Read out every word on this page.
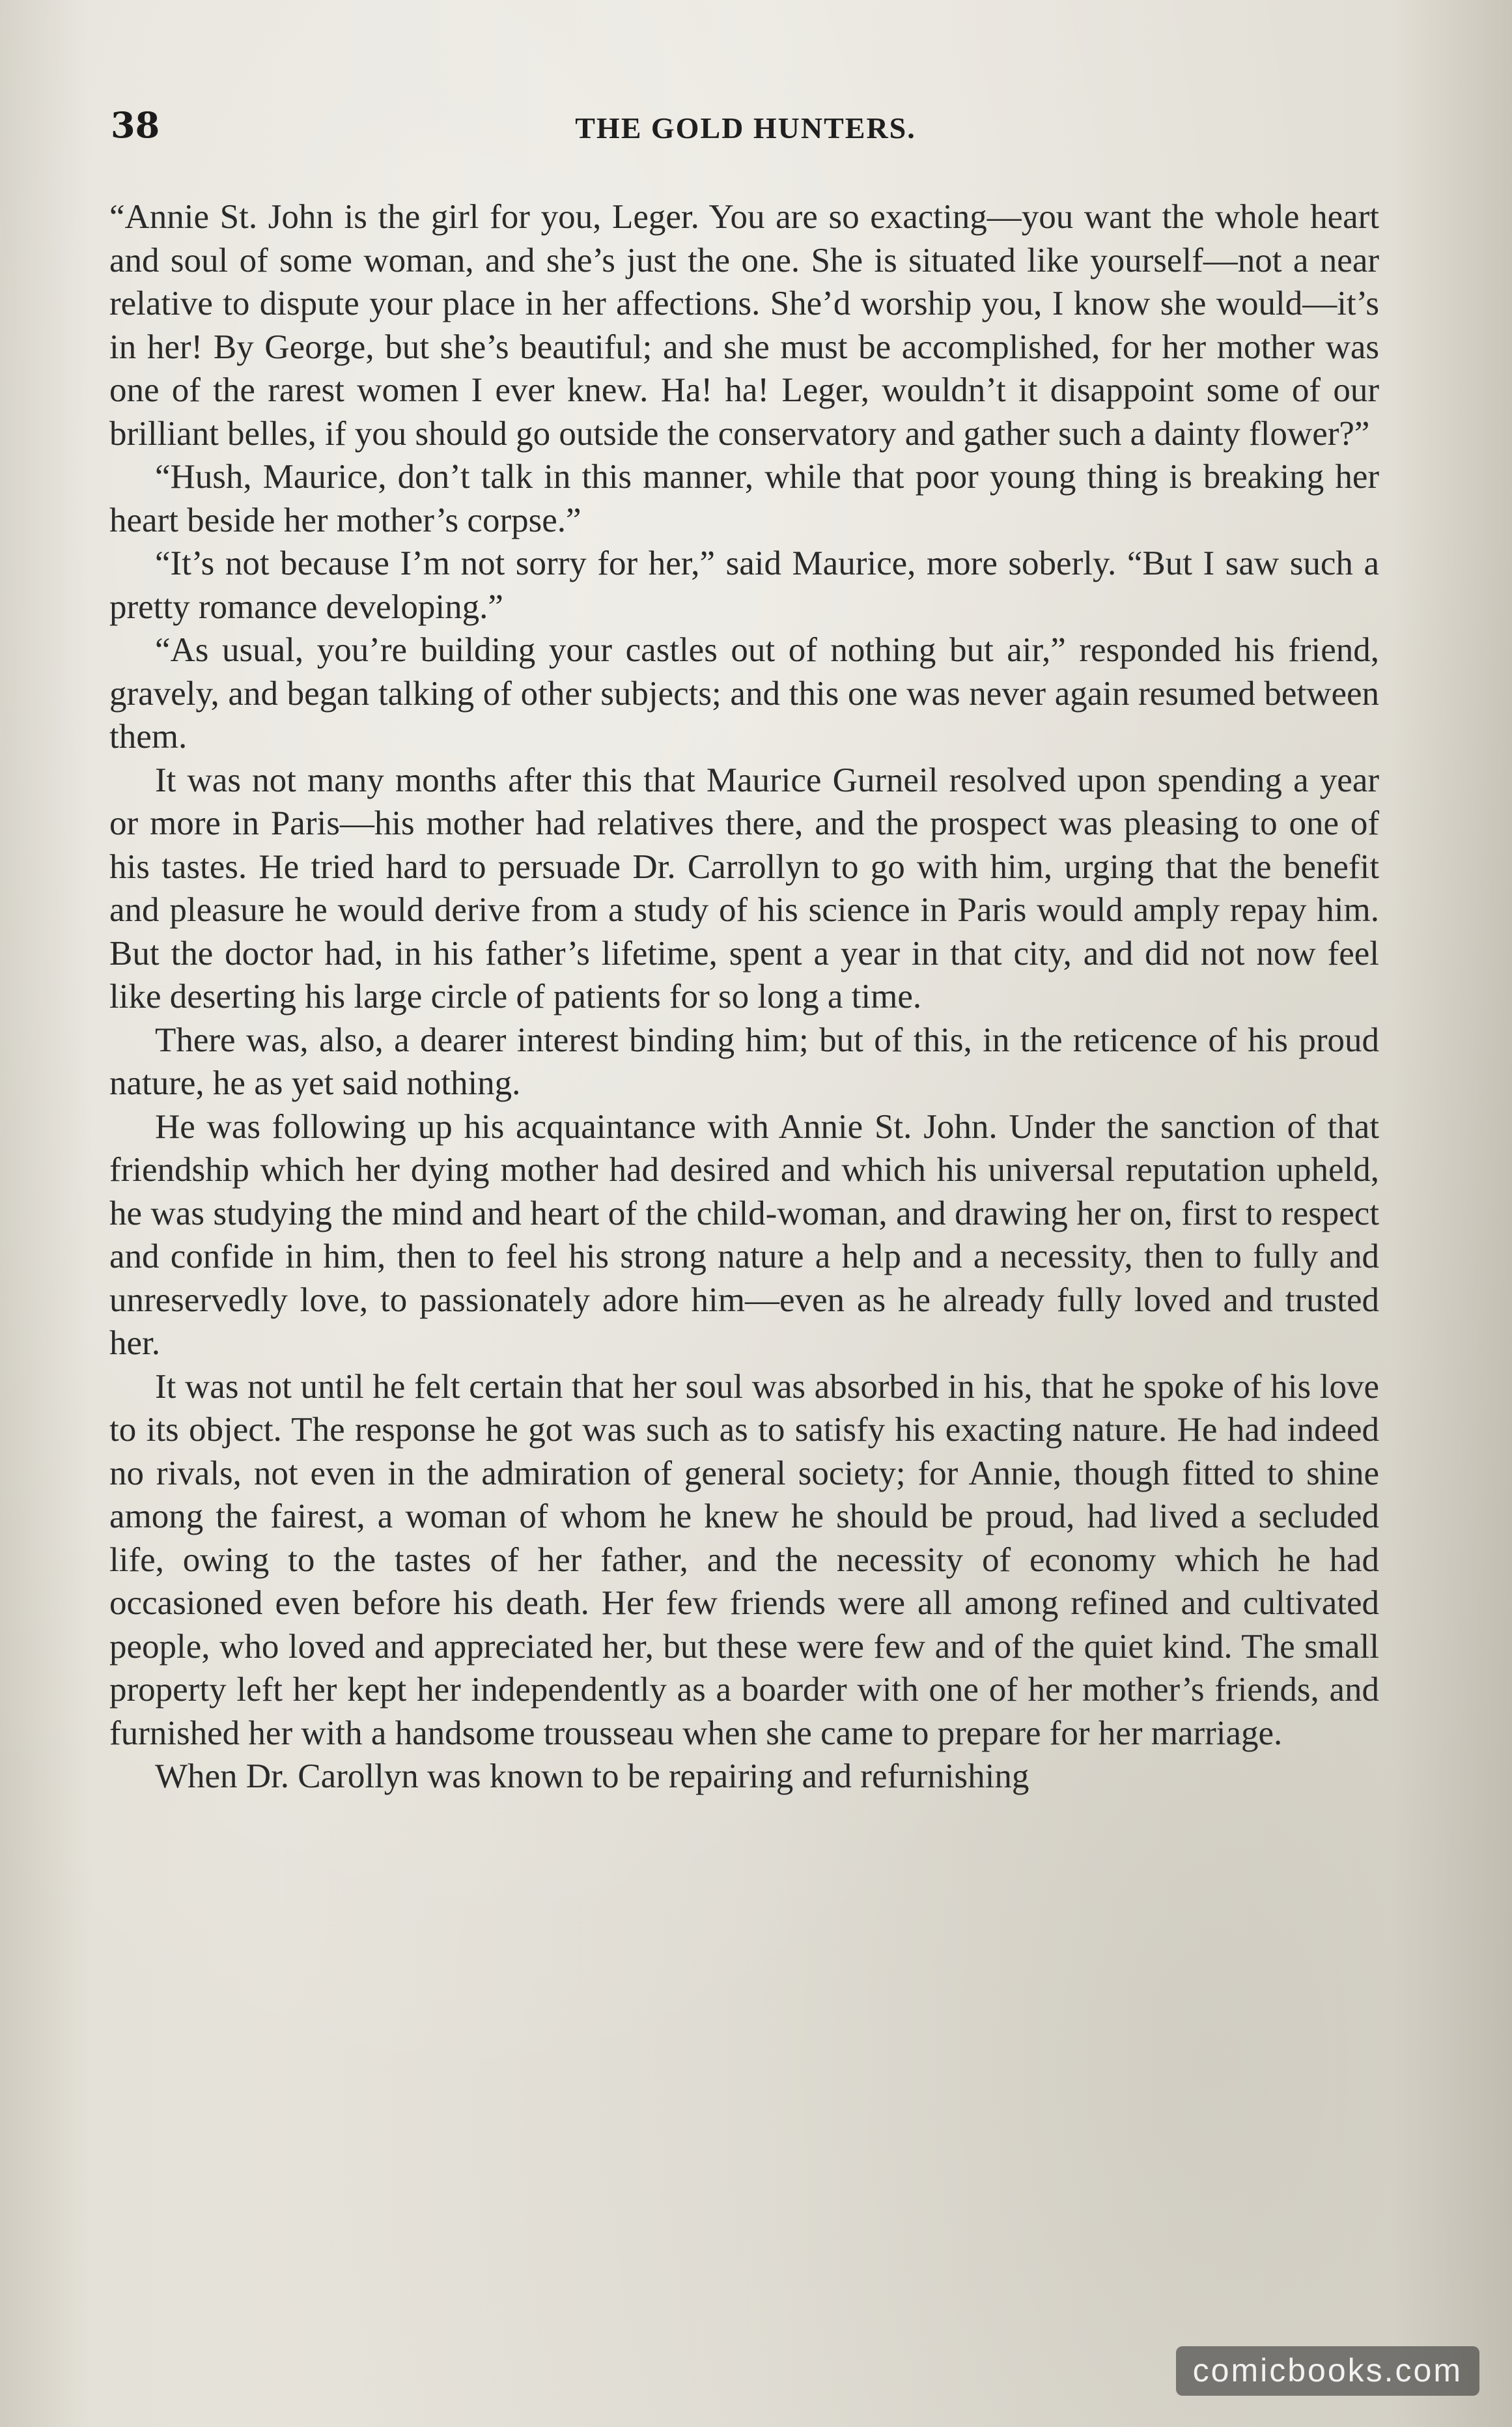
38	THE GOLD HUNTERS.

“Annie St. John is the girl for you, Leger. You are so exacting—you want the whole heart and soul of some woman, and she’s just the one. She is situated like yourself—not a near relative to dispute your place in her affections. She’d worship you, I know she would—it’s in her! By George, but she’s beautiful; and she must be accomplished, for her mother was one of the rarest women I ever knew. Ha! ha! Leger, wouldn’t it disappoint some of our brilliant belles, if you should go outside the conservatory and gather such a dainty flower?”

“Hush, Maurice, don’t talk in this manner, while that poor young thing is breaking her heart beside her mother’s corpse.”

“It’s not because I’m not sorry for her,” said Maurice, more soberly. “But I saw such a pretty romance developing.”

“As usual, you’re building your castles out of nothing but air,” responded his friend, gravely, and began talking of other subjects; and this one was never again resumed between them.

It was not many months after this that Maurice Gurneil resolved upon spending a year or more in Paris—his mother had relatives there, and the prospect was pleasing to one of his tastes. He tried hard to persuade Dr. Carrollyn to go with him, urging that the benefit and pleasure he would derive from a study of his science in Paris would amply repay him. But the doctor had, in his father’s lifetime, spent a year in that city, and did not now feel like deserting his large circle of patients for so long a time.

There was, also, a dearer interest binding him; but of this, in the reticence of his proud nature, he as yet said nothing.

He was following up his acquaintance with Annie St. John. Under the sanction of that friendship which her dying mother had desired and which his universal reputation upheld, he was studying the mind and heart of the child-woman, and drawing her on, first to respect and confide in him, then to feel his strong nature a help and a necessity, then to fully and unreservedly love, to passionately adore him—even as he already fully loved and trusted her.

It was not until he felt certain that her soul was absorbed in his, that he spoke of his love to its object. The response he got was such as to satisfy his exacting nature. He had indeed no rivals, not even in the admiration of general society; for Annie, though fitted to shine among the fairest, a woman of whom he knew he should be proud, had lived a secluded life, owing to the tastes of her father, and the necessity of economy which he had occasioned even before his death. Her few friends were all among refined and cultivated people, who loved and appreciated her, but these were few and of the quiet kind. The small property left her kept her independently as a boarder with one of her mother’s friends, and furnished her with a handsome trousseau when she came to prepare for her marriage.

When Dr. Carollyn was known to be repairing and refurnishing

comicbooks.com
